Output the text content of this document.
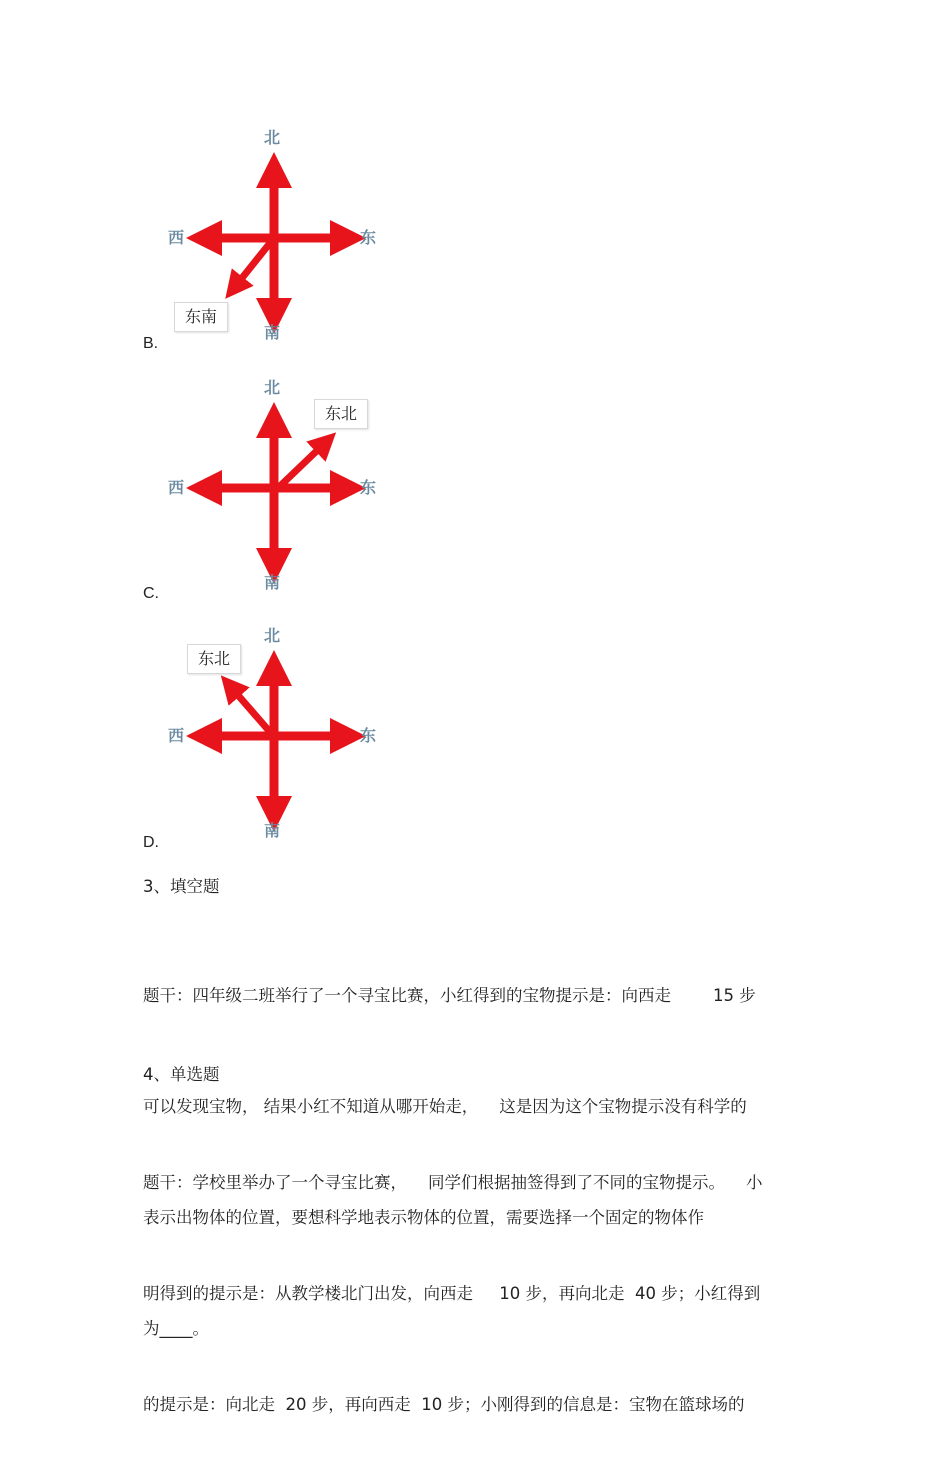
北
南
东
西
东南
B.
北
南
东
西
东北
C.
北
南
东
西
东北
D.
3、填空题

题干：四年级二班举行了一个寻宝比赛，小红得到的宝物提示是：向西走        15 步

可以发现宝物， 结果小红不知道从哪开始走，    这是因为这个宝物提示没有科学的

表示出物体的位置，要想科学地表示物体的位置，需要选择一个固定的物体作

为____。

4、单选题

题干：学校里举办了一个寻宝比赛，    同学们根据抽签得到了不同的宝物提示。    小

明得到的提示是：从教学楼北门出发，向西走     10 步，再向北走  40 步；小红得到

的提示是：向北走  20 步，再向西走  10 步；小刚得到的信息是：宝物在篮球场的
